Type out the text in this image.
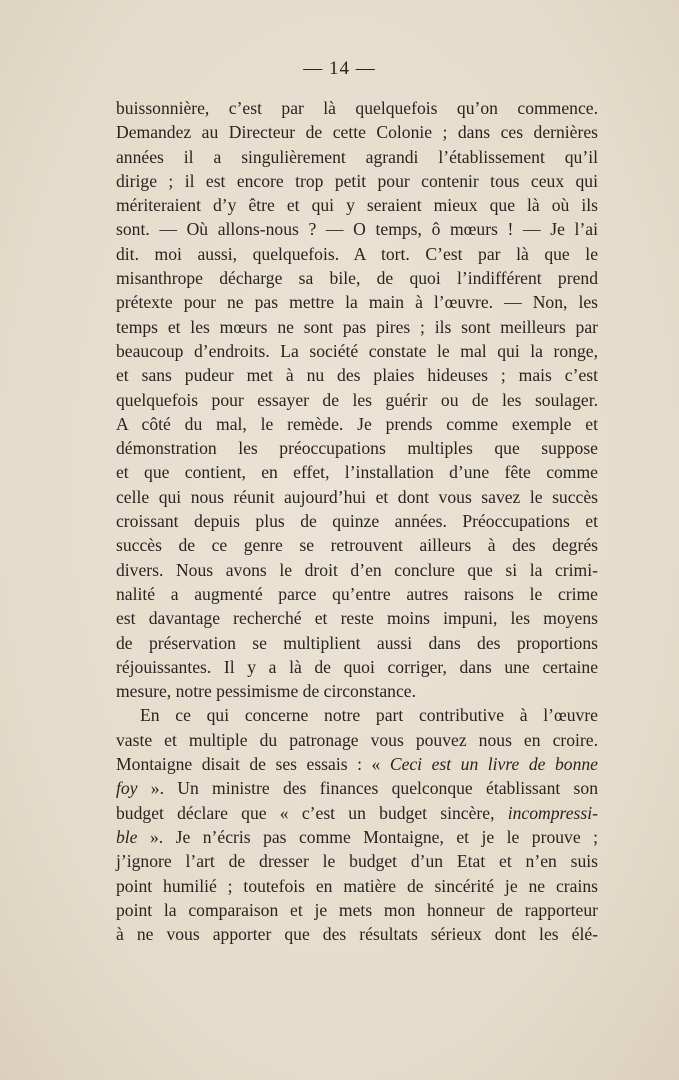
— 14 —
buissonnière, c’est par là quelquefois qu’on commence.
Demandez au Directeur de cette Colonie ; dans ces dernières
années il a singulièrement agrandi l’établissement qu’il
dirige ; il est encore trop petit pour contenir tous ceux qui
mériteraient d’y être et qui y seraient mieux que là où ils
sont. — Où allons-nous ? — O temps, ô mœurs ! — Je l’ai
dit. moi aussi, quelquefois. A tort. C’est par là que le
misanthrope décharge sa bile, de quoi l’indifférent prend
prétexte pour ne pas mettre la main à l’œuvre. — Non, les
temps et les mœurs ne sont pas pires ; ils sont meilleurs par
beaucoup d’endroits. La société constate le mal qui la ronge,
et sans pudeur met à nu des plaies hideuses ; mais c’est
quelquefois pour essayer de les guérir ou de les soulager.
A côté du mal, le remède. Je prends comme exemple et
démonstration les préoccupations multiples que suppose
et que contient, en effet, l’installation d’une fête comme
celle qui nous réunit aujourd’hui et dont vous savez le succès
croissant depuis plus de quinze années. Préoccupations et
succès de ce genre se retrouvent ailleurs à des degrés
divers. Nous avons le droit d’en conclure que si la crimi-
nalité a augmenté parce qu’entre autres raisons le crime
est davantage recherché et reste moins impuni, les moyens
de préservation se multiplient aussi dans des proportions
réjouissantes. Il y a là de quoi corriger, dans une certaine
mesure, notre pessimisme de circonstance.
En ce qui concerne notre part contributive à l’œuvre
vaste et multiple du patronage vous pouvez nous en croire.
Montaigne disait de ses essais : « Ceci est un livre de bonne
foy ». Un ministre des finances quelconque établissant son
budget déclare que « c’est un budget sincère, incompressi-
ble ». Je n’écris pas comme Montaigne, et je le prouve ;
j’ignore l’art de dresser le budget d’un Etat et n’en suis
point humilié ; toutefois en matière de sincérité je ne crains
point la comparaison et je mets mon honneur de rapporteur
à ne vous apporter que des résultats sérieux dont les élé-
